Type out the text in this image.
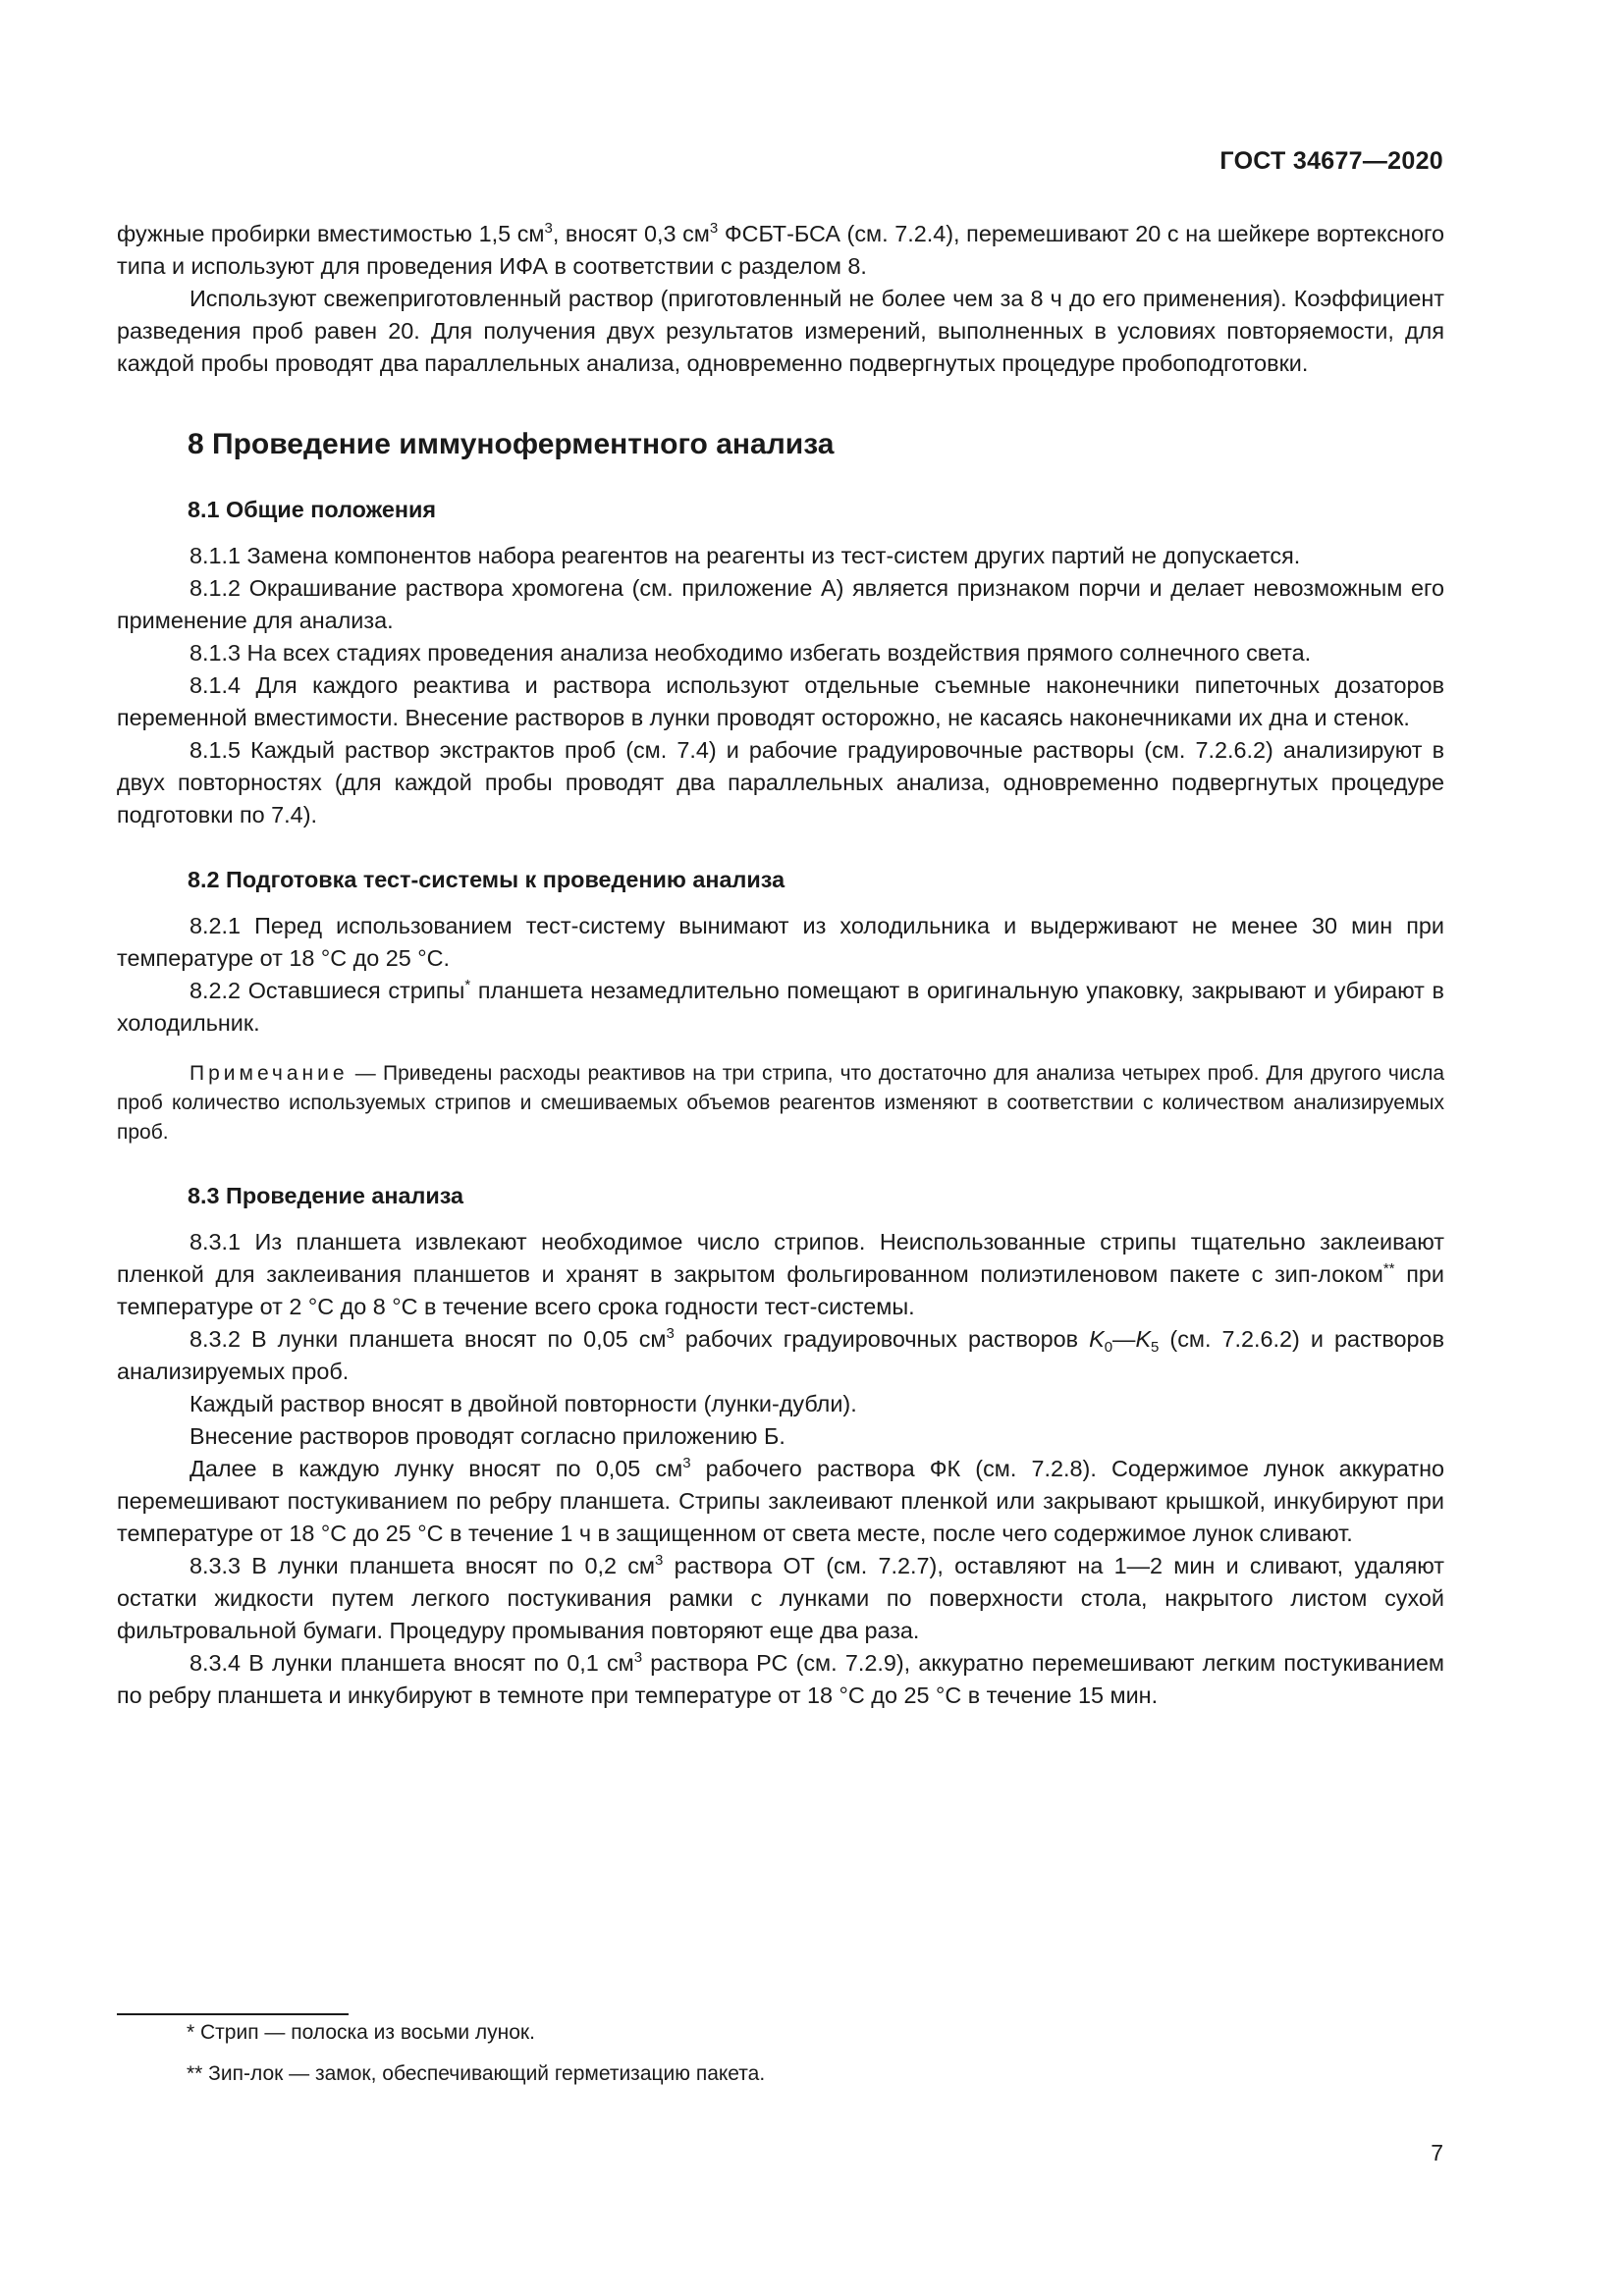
ГОСТ 34677—2020

фужные пробирки вместимостью 1,5 $см^3$, вносят 0,3 $см^3$ ФСБТ-БСА (см. 7.2.4), перемешивают 20 с на шейкере вортексного типа и используют для проведения ИФА в соответствии с разделом 8.

Используют свежеприготовленный раствор (приготовленный не более чем за 8 ч до его применения). Коэффициент разведения проб равен 20. Для получения двух результатов измерений, выполненных в условиях повторяемости, для каждой пробы проводят два параллельных анализа, одновременно подвергнутых процедуре пробоподготовки.

8 Проведение иммуноферментного анализа
8.1 Общие положения

8.1.1 Замена компонентов набора реагентов на реагенты из тест-систем других партий не допускается.

8.1.2 Окрашивание раствора хромогена (см. приложение А) является признаком порчи и делает невозможным его применение для анализа.

8.1.3 На всех стадиях проведения анализа необходимо избегать воздействия прямого солнечного света.

8.1.4 Для каждого реактива и раствора используют отдельные съемные наконечники пипеточных дозаторов переменной вместимости. Внесение растворов в лунки проводят осторожно, не касаясь наконечниками их дна и стенок.

8.1.5 Каждый раствор экстрактов проб (см. 7.4) и рабочие градуировочные растворы (см. 7.2.6.2) анализируют в двух повторностях (для каждой пробы проводят два параллельных анализа, одновременно подвергнутых процедуре подготовки по 7.4).

8.2 Подготовка тест-системы к проведению анализа

8.2.1 Перед использованием тест-систему вынимают из холодильника и выдерживают не менее 30 мин при температуре от 18 °С до 25 °С.

8.2.2 Оставшиеся стрипы* планшета незамедлительно помещают в оригинальную упаковку, закрывают и убирают в холодильник.

Примечание — Приведены расходы реактивов на три стрипа, что достаточно для анализа четырех проб. Для другого числа проб количество используемых стрипов и смешиваемых объемов реагентов изменяют в соответствии с количеством анализируемых проб.

8.3 Проведение анализа

8.3.1 Из планшета извлекают необходимое число стрипов. Неиспользованные стрипы тщательно заклеивают пленкой для заклеивания планшетов и хранят в закрытом фольгированном полиэтиленовом пакете с зип-локом** при температуре от 2 °С до 8 °С в течение всего срока годности тест-системы.

8.3.2 В лунки планшета вносят по 0,05 $см^3$ рабочих градуировочных растворов $K_0—K_5$ (см. 7.2.6.2) и растворов анализируемых проб.

Каждый раствор вносят в двойной повторности (лунки-дубли).

Внесение растворов проводят согласно приложению Б.

Далее в каждую лунку вносят по 0,05 $см^3$ рабочего раствора ФК (см. 7.2.8). Содержимое лунок аккуратно перемешивают постукиванием по ребру планшета. Стрипы заклеивают пленкой или закрывают крышкой, инкубируют при температуре от 18 °С до 25 °С в течение 1 ч в защищенном от света месте, после чего содержимое лунок сливают.

8.3.3 В лунки планшета вносят по 0,2 $см^3$ раствора ОТ (см. 7.2.7), оставляют на 1—2 мин и сливают, удаляют остатки жидкости путем легкого постукивания рамки с лунками по поверхности стола, накрытого листом сухой фильтровальной бумаги. Процедуру промывания повторяют еще два раза.

8.3.4 В лунки планшета вносят по 0,1 $см^3$ раствора РС (см. 7.2.9), аккуратно перемешивают легким постукиванием по ребру планшета и инкубируют в темноте при температуре от 18 °С до 25 °С в течение 15 мин.

* Стрип — полоска из восьми лунок.

** Зип-лок — замок, обеспечивающий герметизацию пакета.

7
